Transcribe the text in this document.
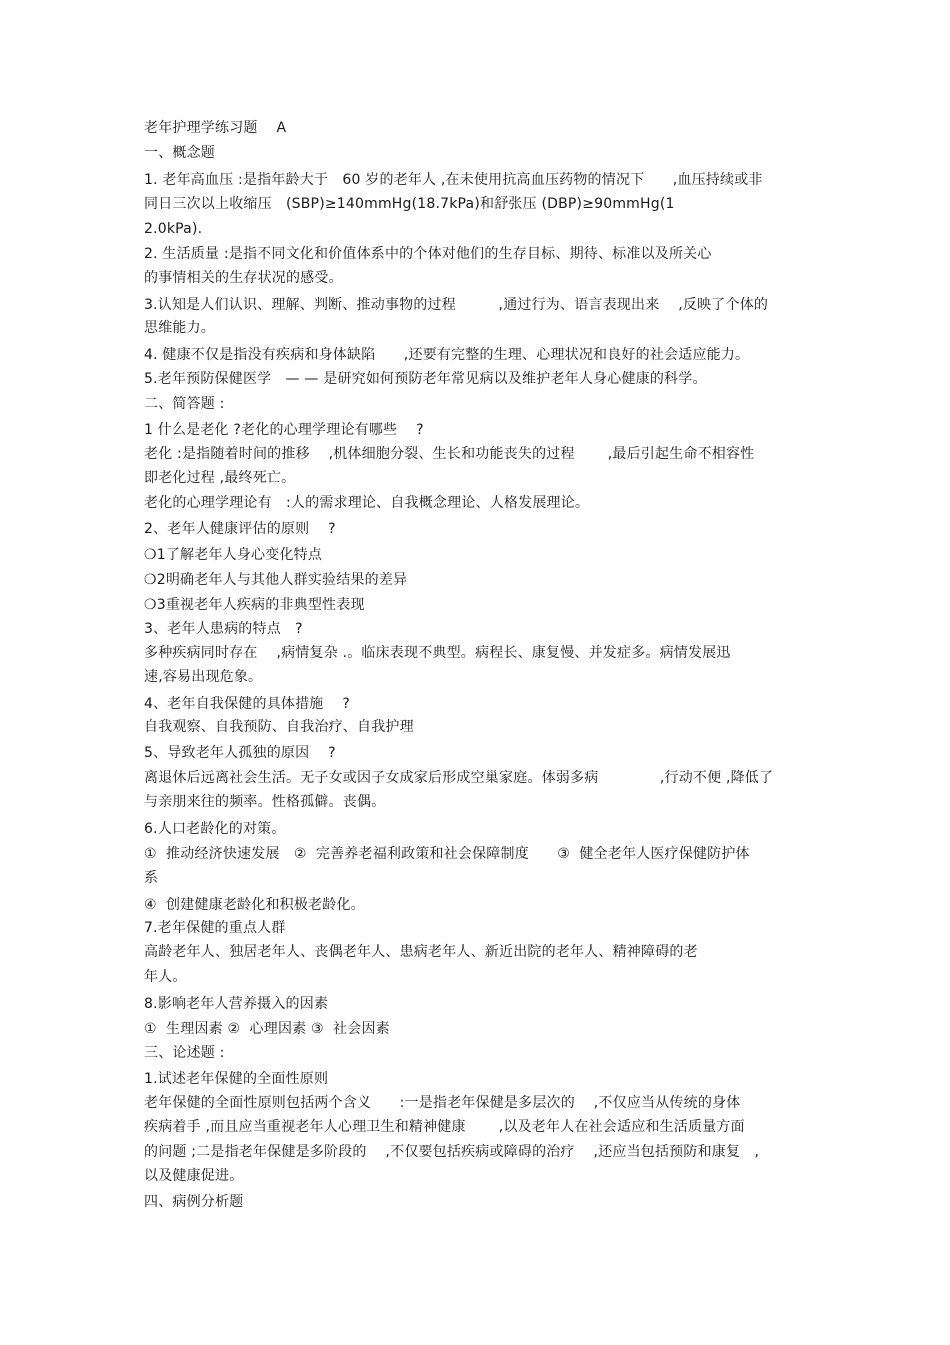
老年护理学练习题　 A
一、概念题
1. 老年高血压 :是指年龄大于　60 岁的老年人 ,在未使用抗高血压药物的情况下　　,血压持续或非
同日三次以上收缩压　(SBP)≥140mmHg(18.7kPa)和舒张压 (DBP)≥90mmHg(1
2.0kPa).
2. 生活质量 :是指不同文化和价值体系中的个体对他们的生存目标、期待、标准以及所关心
的事情相关的生存状况的感受。
3.认知是人们认识、理解、判断、推动事物的过程　　　,通过行为、语言表现出来　 ,反映了个体的
思维能力。
4. 健康不仅是指没有疾病和身体缺陷　　,还要有完整的生理、心理状况和良好的社会适应能力。
5.老年预防保健医学　— — 是研究如何预防老年常见病以及维护老年人身心健康的科学。
二、简答题 :
1 什么是老化 ?老化的心理学理论有哪些　 ?
老化 :是指随着时间的推移　 ,机体细胞分裂、生长和功能丧失的过程　　 ,最后引起生命不相容性
即老化过程 ,最终死亡。
老化的心理学理论有　:人的需求理论、自我概念理论、人格发展理论。
2、老年人健康评估的原则　 ?
❍1了解老年人身心变化特点
❍2明确老年人与其他人群实验结果的差异
❍3重视老年人疾病的非典型性表现
3、老年人患病的特点　?
多种疾病同时存在　 ,病情复杂 .。临床表现不典型。病程长、康复慢、并发症多。病情发展迅
速,容易出现危象。
4、老年自我保健的具体措施　 ?
自我观察、自我预防、自我治疗、自我护理
5、导致老年人孤独的原因　 ?
离退休后远离社会生活。无子女或因子女成家后形成空巢家庭。体弱多病　　　　 ,行动不便 ,降低了
与亲朋来往的频率。性格孤僻。丧偶。
6.人口老龄化的对策。
①  推动经济快速发展　②  完善养老福利政策和社会保障制度　　③  健全老年人医疗保健防护体
系
④  创建健康老龄化和积极老龄化。
7.老年保健的重点人群
高龄老年人、独居老年人、丧偶老年人、患病老年人、新近出院的老年人、精神障碍的老
年人。
8.影响老年人营养摄入的因素
①  生理因素 ②  心理因素 ③  社会因素
三、论述题 :
1.试述老年保健的全面性原则
老年保健的全面性原则包括两个含义　　:一是指老年保健是多层次的　 ,不仅应当从传统的身体
疾病着手 ,而且应当重视老年人心理卫生和精神健康　　 ,以及老年人在社会适应和生活质量方面
的问题 ;二是指老年保健是多阶段的　 ,不仅要包括疾病或障碍的治疗　 ,还应当包括预防和康复　,
以及健康促进。
四、病例分析题
